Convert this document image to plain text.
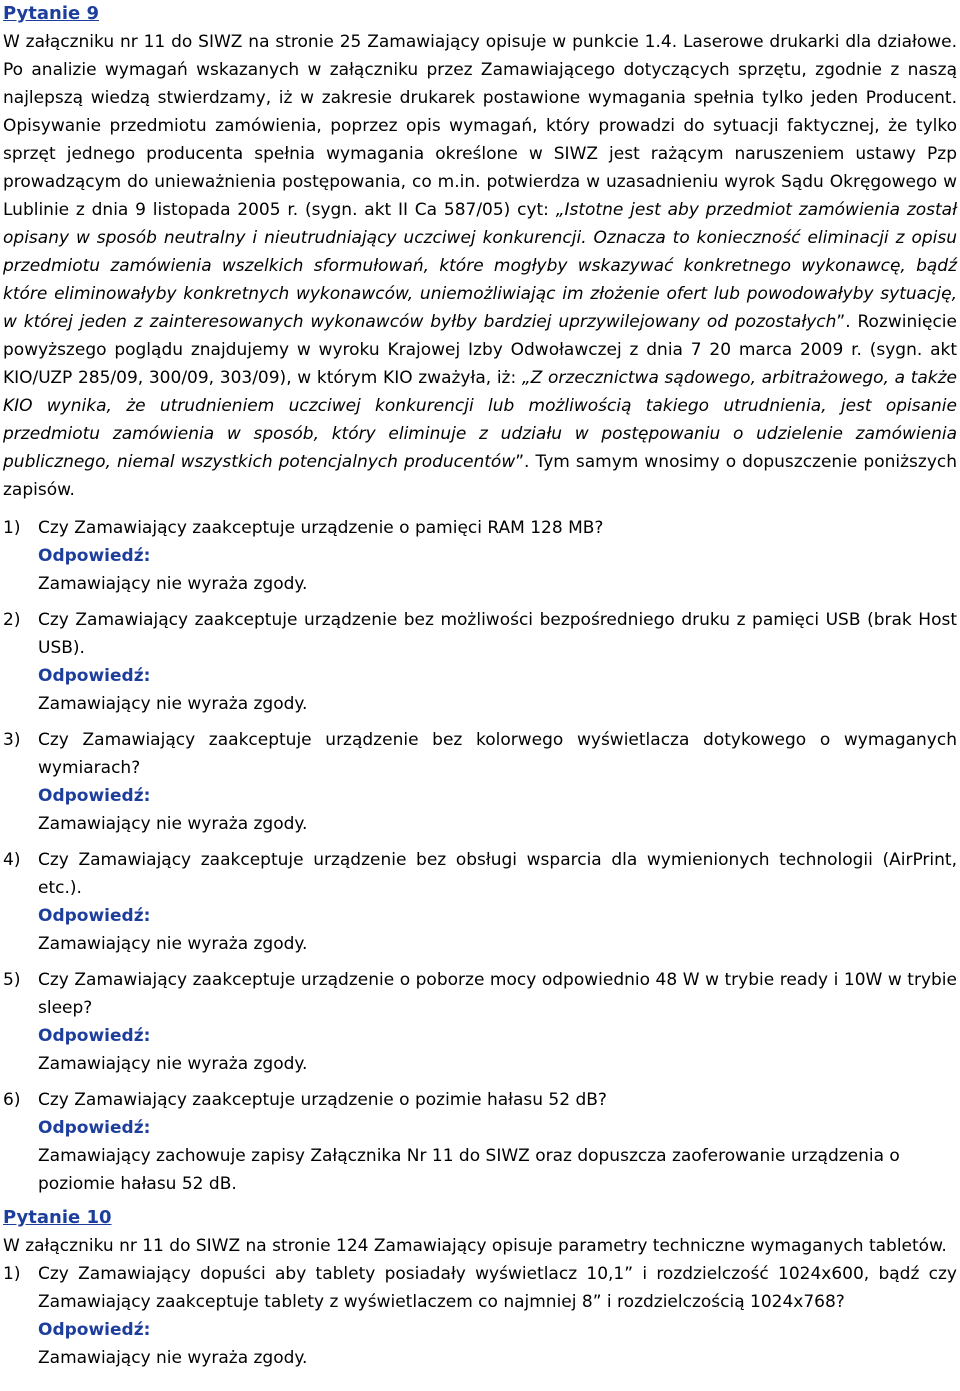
Pytanie 9

W załączniku nr 11 do SIWZ na stronie 25 Zamawiający opisuje w punkcie 1.4. Laserowe drukarki dla działowe. Po analizie wymagań wskazanych w załączniku przez Zamawiającego dotyczących sprzętu, zgodnie z naszą najlepszą wiedzą stwierdzamy, iż w zakresie drukarek postawione wymagania spełnia tylko jeden Producent. Opisywanie przedmiotu zamówienia, poprzez opis wymagań, który prowadzi do sytuacji faktycznej, że tylko sprzęt jednego producenta spełnia wymagania określone w SIWZ jest rażącym naruszeniem ustawy Pzp prowadzącym do unieważnienia postępowania, co m.in. potwierdza w uzasadnieniu wyrok Sądu Okręgowego w Lublinie z dnia 9 listopada 2005 r. (sygn. akt II Ca 587/05) cyt: „Istotne jest aby przedmiot zamówienia został opisany w sposób neutralny i nieutrudniający uczciwej konkurencji. Oznacza to konieczność eliminacji z opisu przedmiotu zamówienia wszelkich sformułowań, które mogłyby wskazywać konkretnego wykonawcę, bądź które eliminowałyby konkretnych wykonawców, uniemożliwiając im złożenie ofert lub powodowałyby sytuację, w której jeden z zainteresowanych wykonawców byłby bardziej uprzywilejowany od pozostałych”. Rozwinięcie powyższego poglądu znajdujemy w wyroku Krajowej Izby Odwoławczej z dnia 7 20 marca 2009 r. (sygn. akt KIO/UZP 285/09, 300/09, 303/09), w którym KIO zważyła, iż: „Z orzecznictwa sądowego, arbitrażowego, a także KIO wynika, że utrudnieniem uczciwej konkurencji lub możliwością takiego utrudnienia, jest opisanie przedmiotu zamówienia w sposób, który eliminuje z udziału w postępowaniu o udzielenie zamówienia publicznego, niemal wszystkich potencjalnych producentów”. Tym samym wnosimy o dopuszczenie poniższych zapisów.

1) Czy Zamawiający zaakceptuje urządzenie o pamięci RAM 128 MB?
Odpowiedź:
Zamawiający nie wyraża zgody.
2) Czy Zamawiający zaakceptuje urządzenie bez możliwości bezpośredniego druku z pamięci USB (brak Host USB).
Odpowiedź:
Zamawiający nie wyraża zgody.
3) Czy Zamawiający zaakceptuje urządzenie bez kolorwego wyświetlacza dotykowego o wymaganych wymiarach?
Odpowiedź:
Zamawiający nie wyraża zgody.
4) Czy Zamawiający zaakceptuje urządzenie bez obsługi wsparcia dla wymienionych technologii (AirPrint, etc.).
Odpowiedź:
Zamawiający nie wyraża zgody.
5) Czy Zamawiający zaakceptuje urządzenie o poborze mocy odpowiednio 48 W w trybie ready i 10W w trybie sleep?
Odpowiedź:
Zamawiający nie wyraża zgody.
6) Czy Zamawiający zaakceptuje urządzenie o pozimie hałasu 52 dB?
Odpowiedź:
Zamawiający zachowuje zapisy Załącznika Nr 11 do SIWZ oraz dopuszcza zaoferowanie urządzenia o poziomie hałasu 52 dB.
Pytanie 10

W załączniku nr 11 do SIWZ na stronie 124 Zamawiający opisuje parametry techniczne wymaganych tabletów.

1) Czy Zamawiający dopuści aby tablety posiadały wyświetlacz 10,1” i rozdzielczość 1024x600, bądź czy Zamawiający zaakceptuje tablety z wyświetlaczem co najmniej 8” i rozdzielczością 1024x768?
Odpowiedź:
Zamawiający nie wyraża zgody.
